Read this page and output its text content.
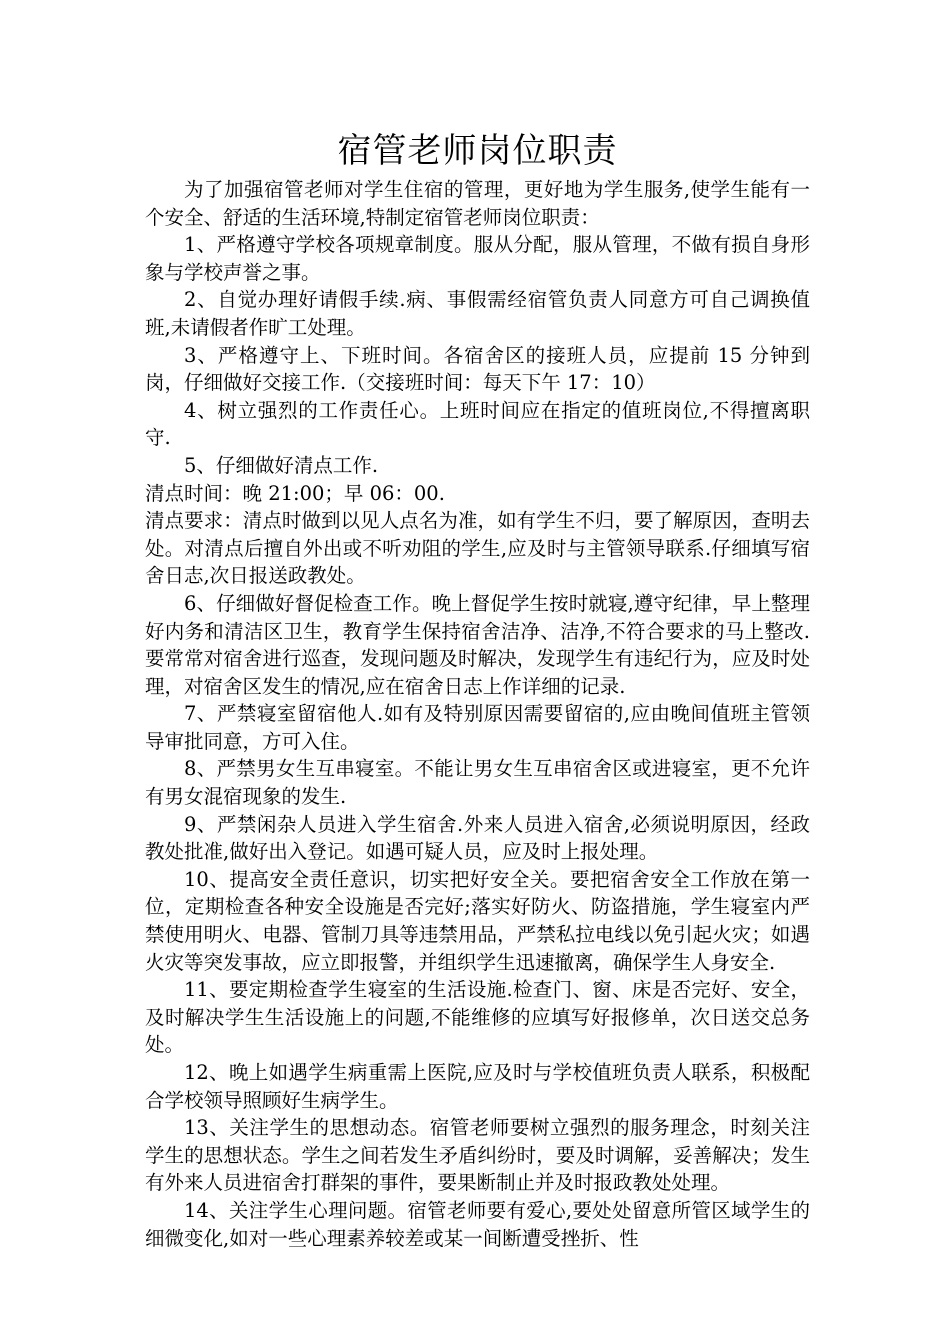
宿管老师岗位职责

为了加强宿管老师对学生住宿的管理，更好地为学生服务,使学生能有一个安全、舒适的生活环境,特制定宿管老师岗位职责：

1、严格遵守学校各项规章制度。服从分配，服从管理，不做有损自身形象与学校声誉之事。

2、自觉办理好请假手续.病、事假需经宿管负责人同意方可自己调换值班,未请假者作旷工处理。

3、严格遵守上、下班时间。各宿舍区的接班人员，应提前 15 分钟到岗，仔细做好交接工作.（交接班时间：每天下午 17：10）

4、树立强烈的工作责任心。上班时间应在指定的值班岗位,不得擅离职守.

5、仔细做好清点工作.

清点时间：晚 21:00；早 06：00.

清点要求：清点时做到以见人点名为准，如有学生不归，要了解原因，查明去处。对清点后擅自外出或不听劝阻的学生,应及时与主管领导联系.仔细填写宿舍日志,次日报送政教处。

6、仔细做好督促检查工作。晚上督促学生按时就寝,遵守纪律，早上整理好内务和清洁区卫生，教育学生保持宿舍洁净、洁净,不符合要求的马上整改.要常常对宿舍进行巡查，发现问题及时解决，发现学生有违纪行为，应及时处理，对宿舍区发生的情况,应在宿舍日志上作详细的记录.

7、严禁寝室留宿他人.如有及特别原因需要留宿的,应由晚间值班主管领导审批同意，方可入住。

8、严禁男女生互串寝室。不能让男女生互串宿舍区或进寝室，更不允许有男女混宿现象的发生.

9、严禁闲杂人员进入学生宿舍.外来人员进入宿舍,必须说明原因，经政教处批准,做好出入登记。如遇可疑人员，应及时上报处理。

10、提高安全责任意识，切实把好安全关。要把宿舍安全工作放在第一位，定期检查各种安全设施是否完好;落实好防火、防盗措施，学生寝室内严禁使用明火、电器、管制刀具等违禁用品，严禁私拉电线以免引起火灾；如遇火灾等突发事故，应立即报警，并组织学生迅速撤离，确保学生人身安全.

11、要定期检查学生寝室的生活设施.检查门、窗、床是否完好、安全，及时解决学生生活设施上的问题,不能维修的应填写好报修单，次日送交总务处。

12、晚上如遇学生病重需上医院,应及时与学校值班负责人联系，积极配合学校领导照顾好生病学生。

13、关注学生的思想动态。宿管老师要树立强烈的服务理念，时刻关注学生的思想状态。学生之间若发生矛盾纠纷时，要及时调解，妥善解决；发生有外来人员进宿舍打群架的事件，要果断制止并及时报政教处处理。

14、关注学生心理问题。宿管老师要有爱心,要处处留意所管区域学生的细微变化,如对一些心理素养较差或某一间断遭受挫折、性
